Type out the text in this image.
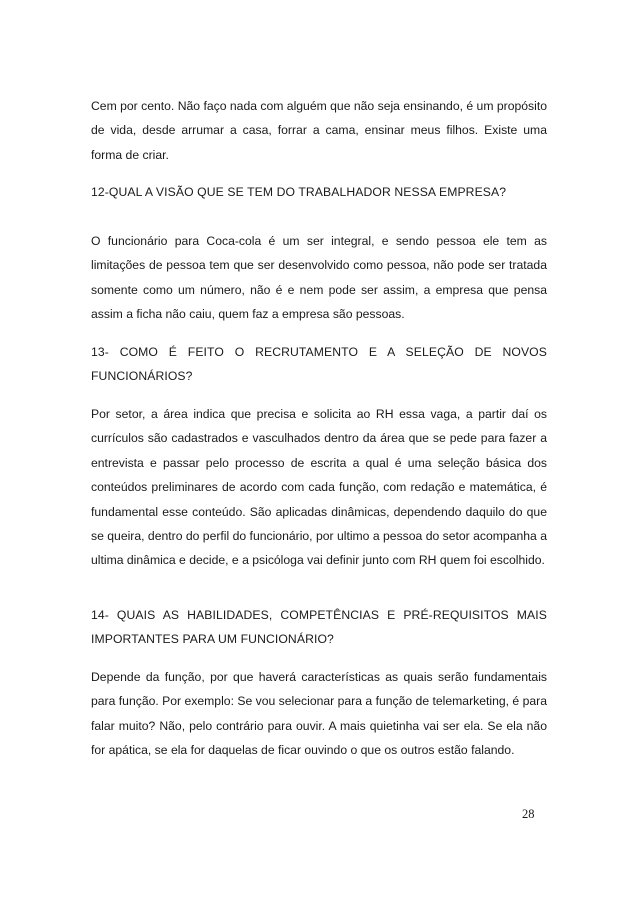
Cem por cento. Não faço nada com alguém que não seja ensinando, é um propósito de vida, desde arrumar a casa, forrar a cama, ensinar meus filhos. Existe uma forma de criar.

12-QUAL A VISÃO QUE SE TEM DO TRABALHADOR NESSA EMPRESA?

O funcionário para Coca-cola é um ser integral, e sendo pessoa ele tem as limitações de pessoa tem que ser desenvolvido como pessoa, não pode ser tratada somente como um número, não é e nem pode ser assim, a empresa que pensa assim a ficha não caiu, quem faz a empresa são pessoas.

13- COMO É FEITO O RECRUTAMENTO E A SELEÇÃO DE NOVOS FUNCIONÁRIOS?

Por setor, a área indica que precisa e solicita ao RH essa vaga, a partir daí os currículos são cadastrados e vasculhados dentro da área que se pede para fazer a entrevista e passar pelo processo de escrita a qual é uma seleção básica dos conteúdos preliminares de acordo com cada função, com redação e matemática, é fundamental esse conteúdo. São aplicadas dinâmicas, dependendo daquilo do que se queira, dentro do perfil do funcionário, por ultimo a pessoa do setor acompanha a ultima dinâmica e decide, e a psicóloga vai definir junto com RH quem foi escolhido.

14- QUAIS AS HABILIDADES, COMPETÊNCIAS E PRÉ-REQUISITOS MAIS IMPORTANTES PARA UM FUNCIONÁRIO?

Depende da função, por que haverá características as quais serão fundamentais para função. Por exemplo: Se vou selecionar para a função de telemarketing, é para falar muito? Não, pelo contrário para ouvir. A mais quietinha vai ser ela. Se ela não for apática, se ela for daquelas de ficar ouvindo o que os outros estão falando.

28
